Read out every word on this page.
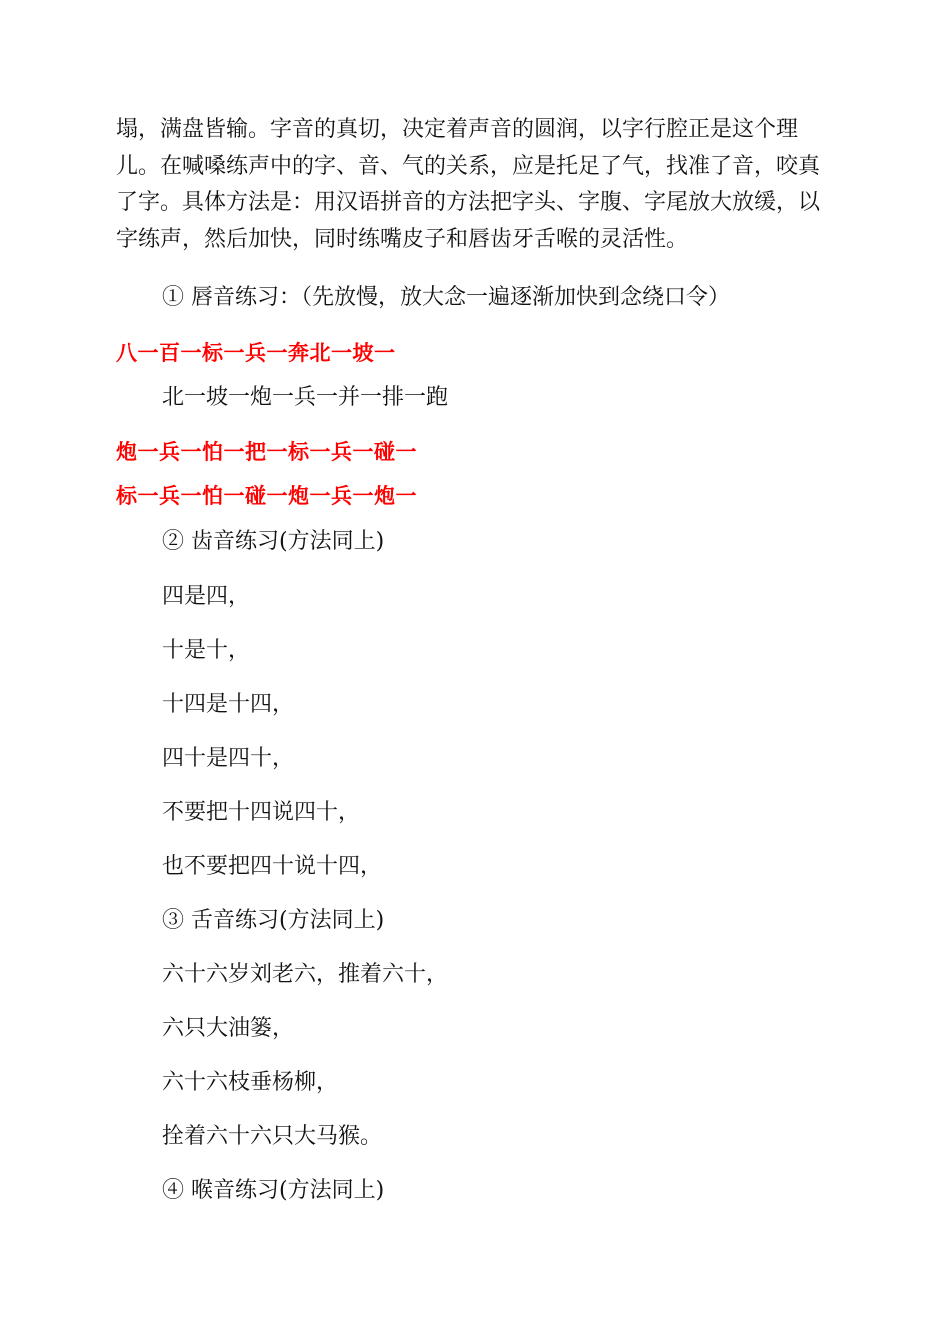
塌，满盘皆输。字音的真切，决定着声音的圆润，以字行腔正是这个理
儿。在喊嗓练声中的字、音、气的关系，应是托足了气，找准了音，咬真
了字。具体方法是：用汉语拼音的方法把字头、字腹、字尾放大放缓，以
字练声，然后加快，同时练嘴皮子和唇齿牙舌喉的灵活性。
① 唇音练习：（先放慢，放大念一遍逐渐加快到念绕口令）
八一百一标一兵一奔北一坡一
北一坡一炮一兵一并一排一跑
炮一兵一怕一把一标一兵一碰一
标一兵一怕一碰一炮一兵一炮一
② 齿音练习(方法同上)
四是四，
十是十，
十四是十四，
四十是四十，
不要把十四说四十，
也不要把四十说十四，
③ 舌音练习(方法同上)
六十六岁刘老六，推着六十，
六只大油篓，
六十六枝垂杨柳，
拴着六十六只大马猴。
④ 喉音练习(方法同上)
